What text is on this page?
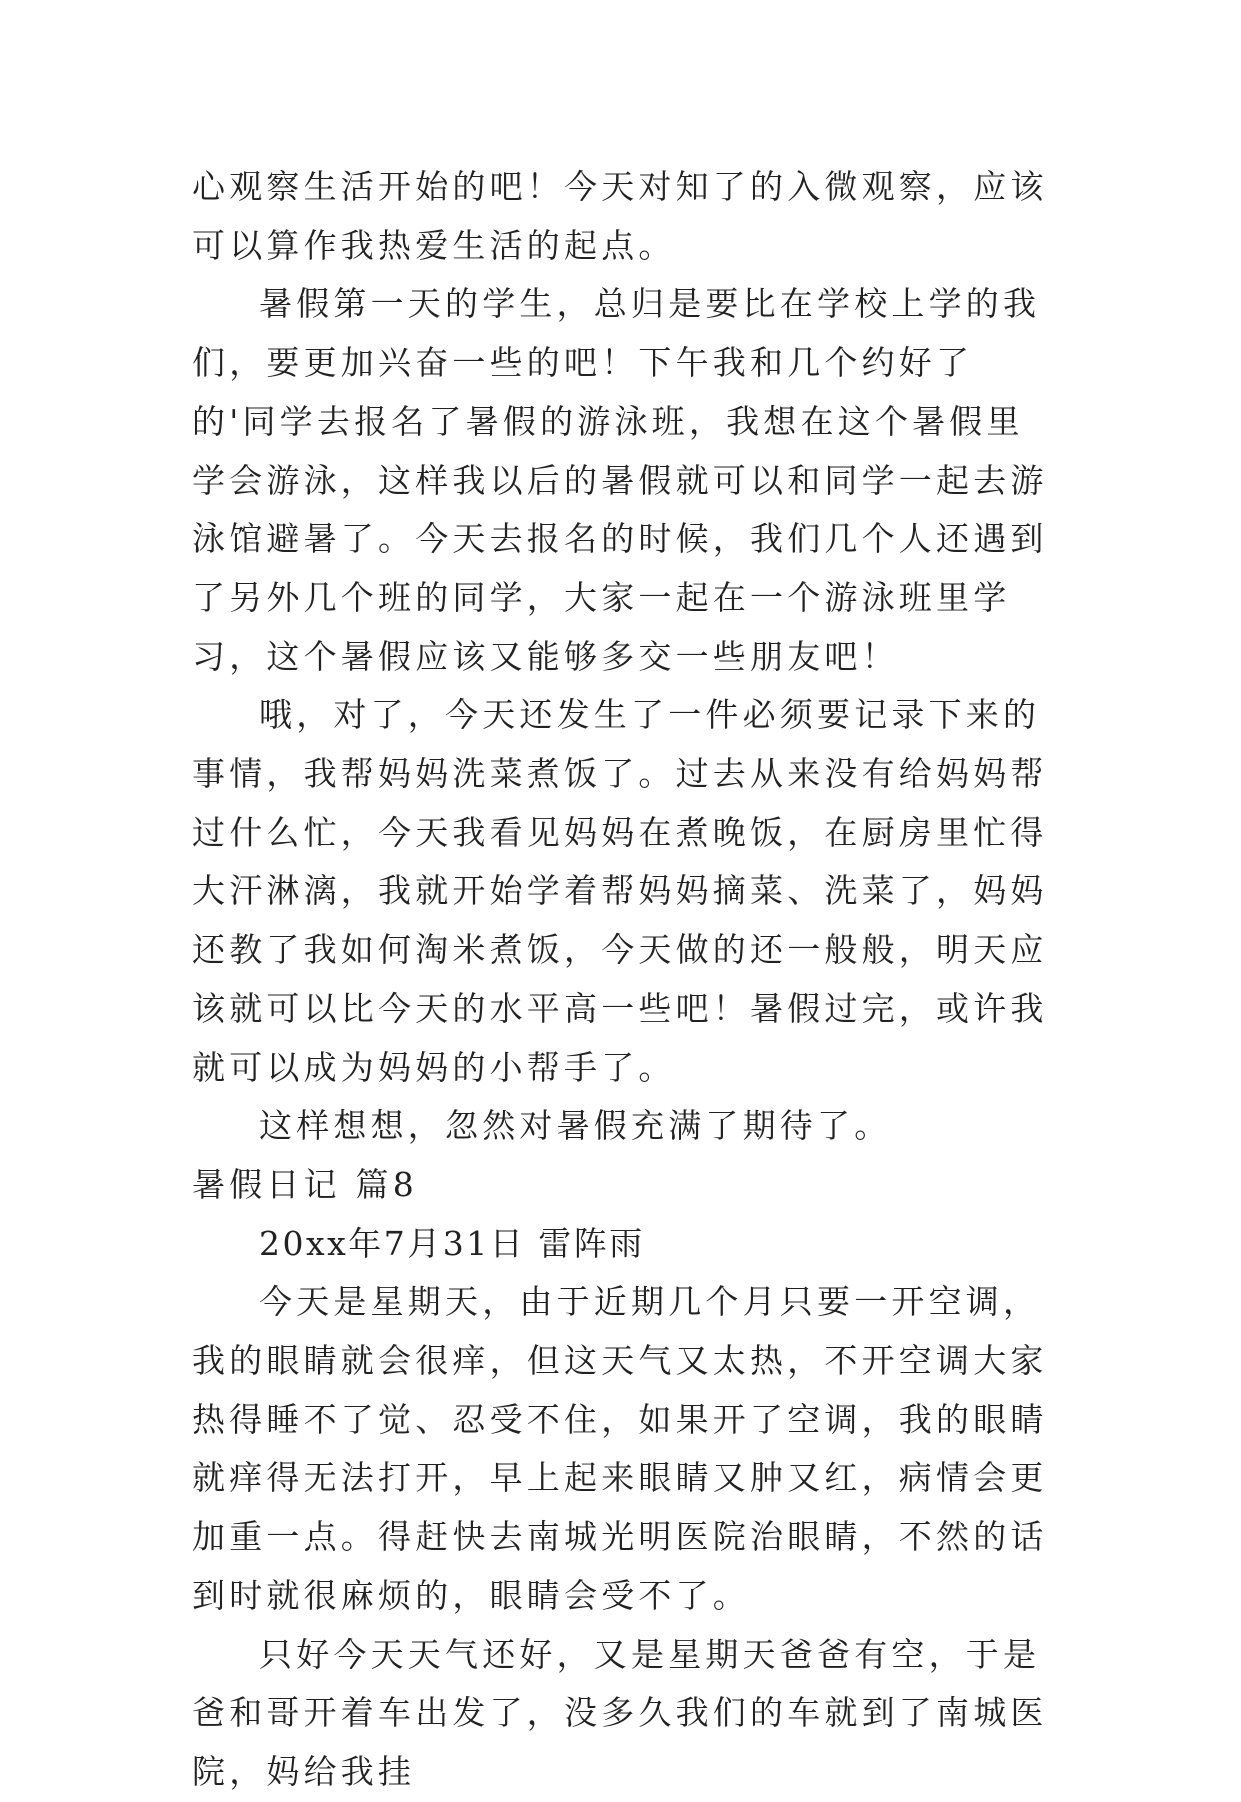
心观察生活开始的吧！今天对知了的入微观察，应该可以算作我热爱生活的起点。

暑假第一天的学生，总归是要比在学校上学的我们，要更加兴奋一些的吧！下午我和几个约好了的'同学去报名了暑假的游泳班，我想在这个暑假里学会游泳，这样我以后的暑假就可以和同学一起去游泳馆避暑了。今天去报名的时候，我们几个人还遇到了另外几个班的同学，大家一起在一个游泳班里学习，这个暑假应该又能够多交一些朋友吧！

哦，对了，今天还发生了一件必须要记录下来的事情，我帮妈妈洗菜煮饭了。过去从来没有给妈妈帮过什么忙，今天我看见妈妈在煮晚饭，在厨房里忙得大汗淋漓，我就开始学着帮妈妈摘菜、洗菜了，妈妈还教了我如何淘米煮饭，今天做的还一般般，明天应该就可以比今天的水平高一些吧！暑假过完，或许我就可以成为妈妈的小帮手了。

这样想想，忽然对暑假充满了期待了。

暑假日记 篇8

20xx年7月31日 雷阵雨

今天是星期天，由于近期几个月只要一开空调，我的眼睛就会很痒，但这天气又太热，不开空调大家热得睡不了觉、忍受不住，如果开了空调，我的眼睛就痒得无法打开，早上起来眼睛又肿又红，病情会更加重一点。得赶快去南城光明医院治眼睛，不然的话到时就很麻烦的，眼睛会受不了。

只好今天天气还好，又是星期天爸爸有空，于是爸和哥开着车出发了，没多久我们的车就到了南城医院，妈给我挂
